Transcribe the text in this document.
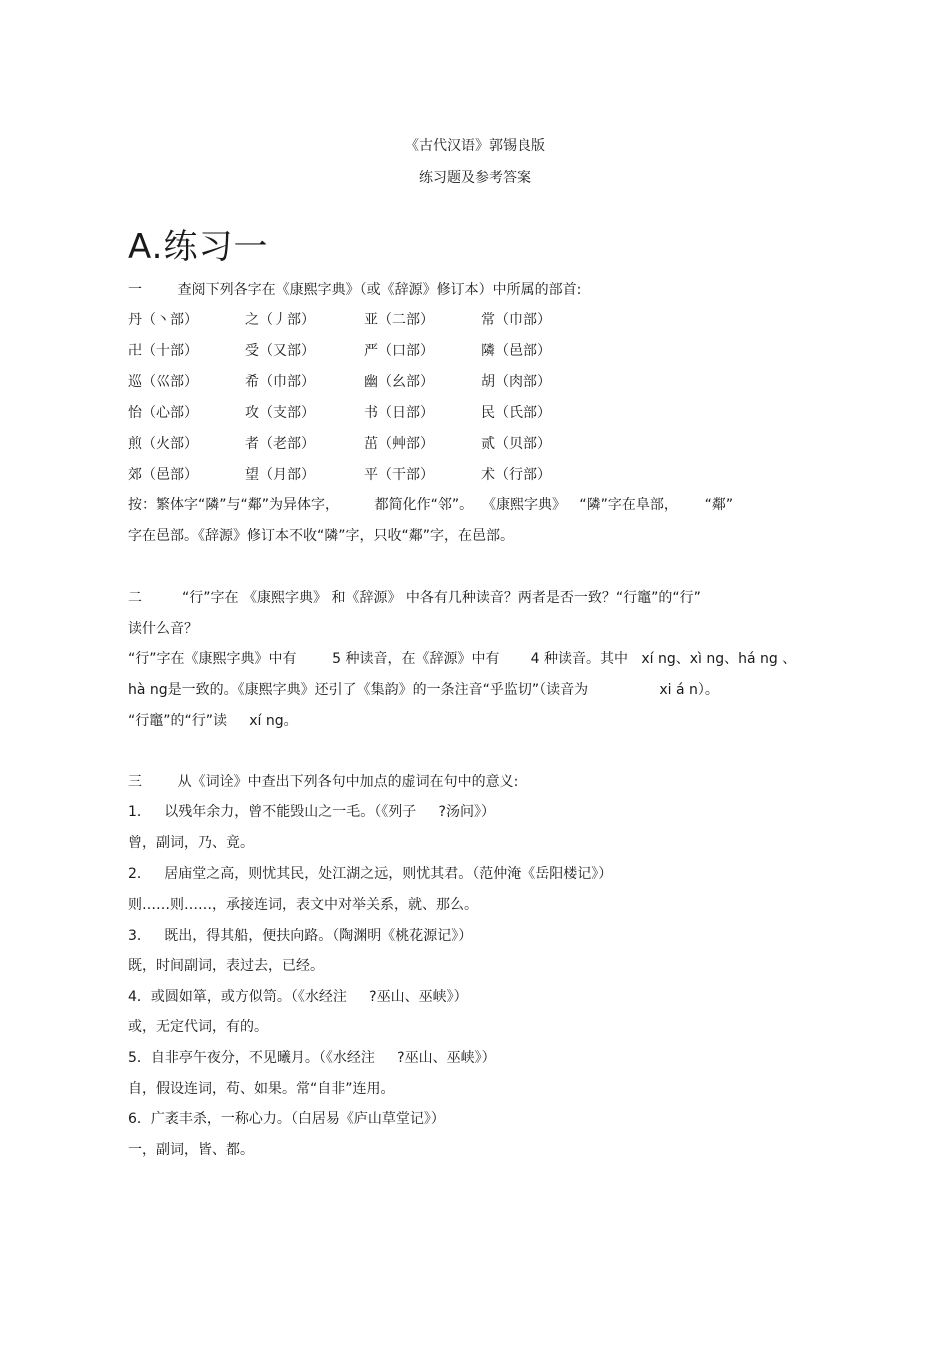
《古代汉语》郭锡良版
练习题及参考答案
A.练习一
一        查阅下列各字在《康熙字典》（或《辞源》修订本）中所属的部首:
丹（丶部）	之（丿部）	亚（二部）	常（巾部）
卍（十部）	受（又部）	严（口部）	隣（邑部）
巡（巛部）	希（巾部）	幽（幺部）	胡（肉部）
怡（心部）	攻（支部）	书（日部）	民（氏部）
煎（火部）	者（老部）	茁（艸部）	贰（贝部）
郊（邑部）	望（月部）	平（干部）	术（行部）
按：繁体字“隣”与“鄰”为异体字，        都简化作“邻”。  《康熙字典》   “隣”字在阜部，      “鄰”
字在邑部。《辞源》修订本不收“隣”字，只收“鄰”字，在邑部。
二         “行”字在 《康熙字典》 和《辞源》 中各有几种读音？两者是否一致？“行竈”的“行”
读什么音？
“行”字在《康熙字典》中有        5 种读音，在《辞源》中有       4 种读音。其中   xí ng、xì ng、há ng 、
hà ng是一致的。《康熙字典》还引了《集韵》的一条注音“乎监切”（读音为                xi á n）。
“行竈”的“行”读     xí ng。
三        从《词诠》中查出下列各句中加点的虚词在句中的意义:
1．   以残年余力，曾不能毁山之一毛。（《列子     ?汤问》）
曾，副词，乃、竟。
2．   居庙堂之高，则忧其民，处江湖之远，则忧其君。（范仲淹《岳阳楼记》）
则……则……，承接连词，表文中对举关系，就、那么。
3．   既出，得其船，便扶向路。（陶渊明《桃花源记》）
既，时间副词，表过去，已经。
4．或圆如箪，或方似笥。（《水经注     ?巫山、巫峡》）
或，无定代词，有的。
5．自非亭午夜分，不见曦月。（《水经注     ?巫山、巫峡》）
自，假设连词，苟、如果。常“自非”连用。
6．广袤丰杀，一称心力。（白居易《庐山草堂记》）
一，副词，皆、都。
